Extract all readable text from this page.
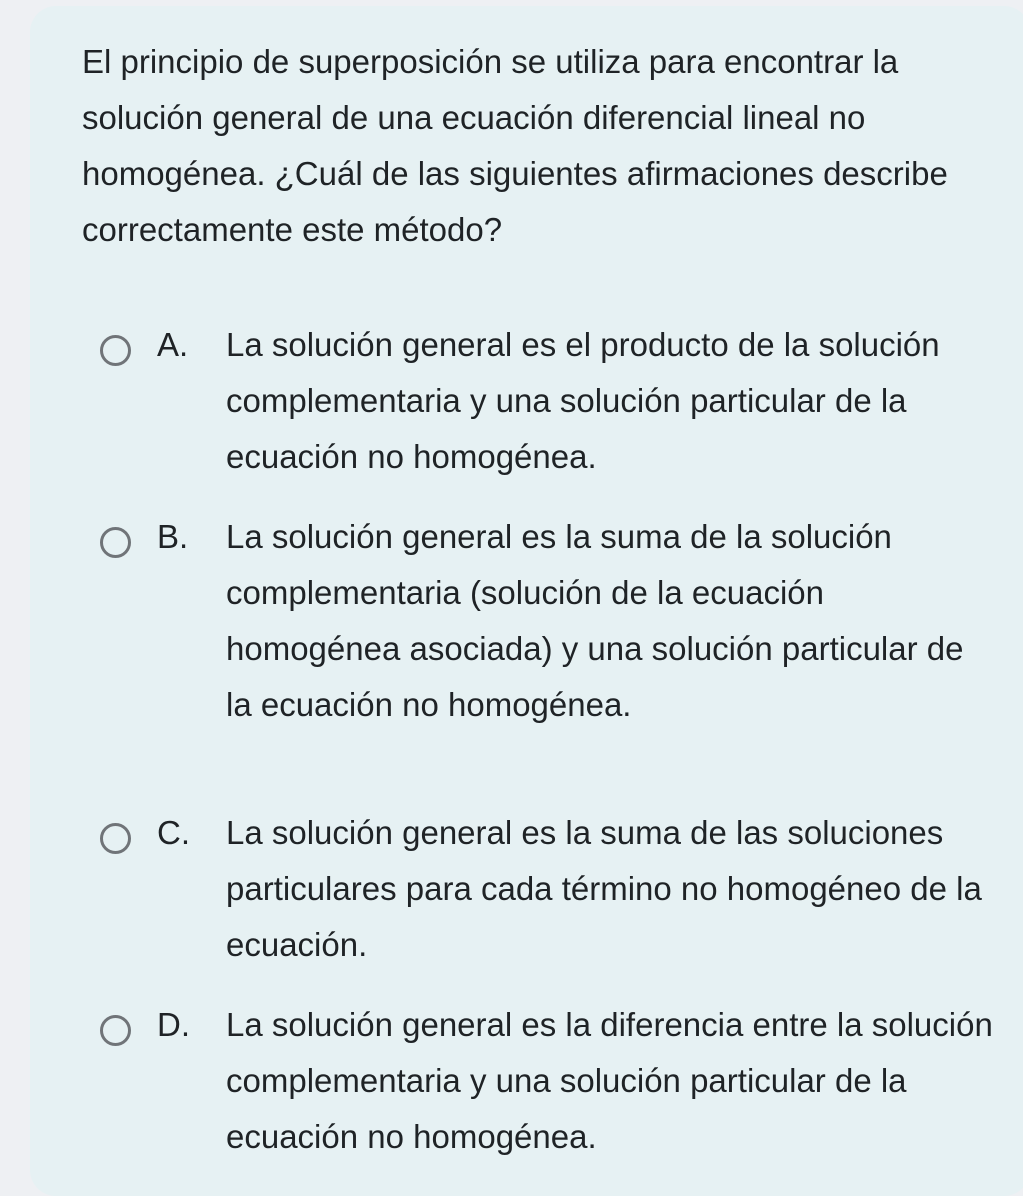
El principio de superposición se utiliza para encontrar la solución general de una ecuación diferencial lineal no homogénea. ¿Cuál de las siguientes afirmaciones describe correctamente este método?

A. La solución general es el producto de la solución complementaria y una solución particular de la ecuación no homogénea.
B. La solución general es la suma de la solución complementaria (solución de la ecuación homogénea asociada) y una solución particular de la ecuación no homogénea.
C. La solución general es la suma de las soluciones particulares para cada término no homogéneo de la ecuación.
D. La solución general es la diferencia entre la solución complementaria y una solución particular de la ecuación no homogénea.
